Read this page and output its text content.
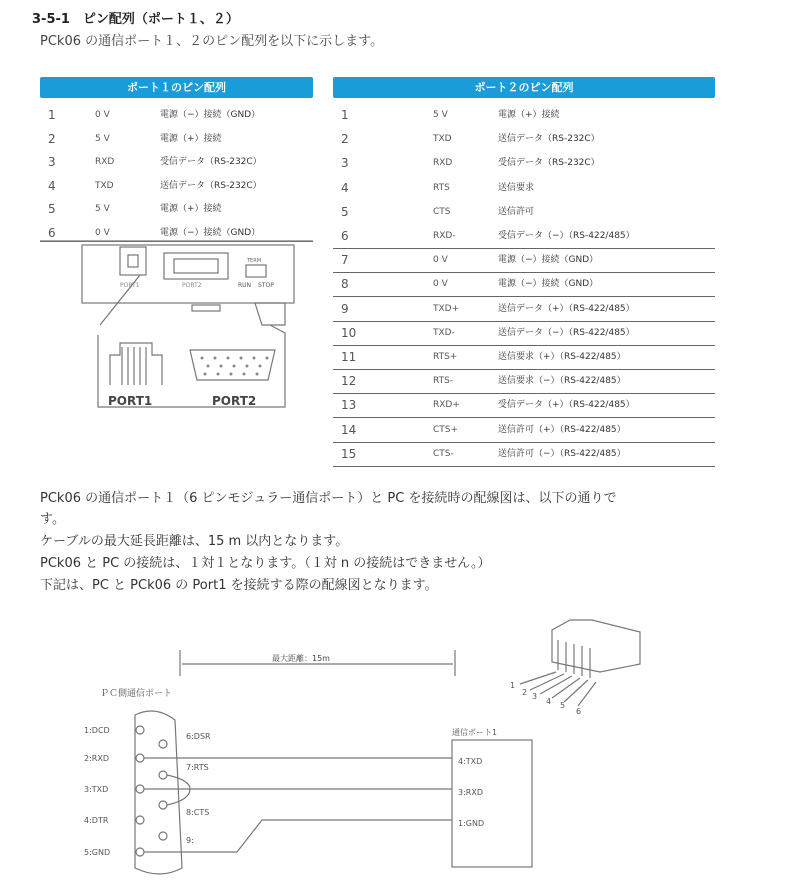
3-5-1　ピン配列（ポート１、２）
PCk06 の通信ポート１、２のピン配列を以下に示します。
ポート１のピン配列
1	0 V	電源（−）接続（GND）
2	5 V	電源（+）接続
3	RXD	受信データ（RS-232C）
4	TXD	送信データ（RS-232C）
5	5 V	電源（+）接続
6	0 V	電源（−）接続（GND）
ポート２のピン配列
1	5 V	電源（+）接続
2	TXD	送信データ（RS-232C）
3	RXD	受信データ（RS-232C）
4	RTS	送信要求
5	CTS	送信許可
6	RXD-	受信データ（−）（RS-422/485）
7	0 V	電源（−）接続（GND）
8	0 V	電源（−）接続（GND）
9	TXD+	送信データ（+）（RS-422/485）
10	TXD-	送信データ（−）（RS-422/485）
11	RTS+	送信要求（+）（RS-422/485）
12	RTS-	送信要求（−）（RS-422/485）
13	RXD+	受信データ（+）（RS-422/485）
14	CTS+	送信許可（+）（RS-422/485）
15	CTS-	送信許可（−）（RS-422/485）
PORT1	PORT2
TERM
RUN STOP
PORT1	PORT2
PCk06 の通信ポート１（6 ピンモジュラー通信ポート）と PC を接続時の配線図は、以下の通りで
す。
ケーブルの最大延長距離は、15 m 以内となります。
PCk06 と PC の接続は、１対１となります。（１対 n の接続はできません。）
下記は、PC と PCk06 の Port1 を接続する際の配線図となります。
最大距離：15m
ＰＣ側通信ポート
1:DCD
2:RXD
3:TXD
4:DTR
5:GND
6:DSR
7:RTS
8:CTS
9:
通信ポート1
4:TXD
3:RXD
1:GND
1
2 3
4 5
6
